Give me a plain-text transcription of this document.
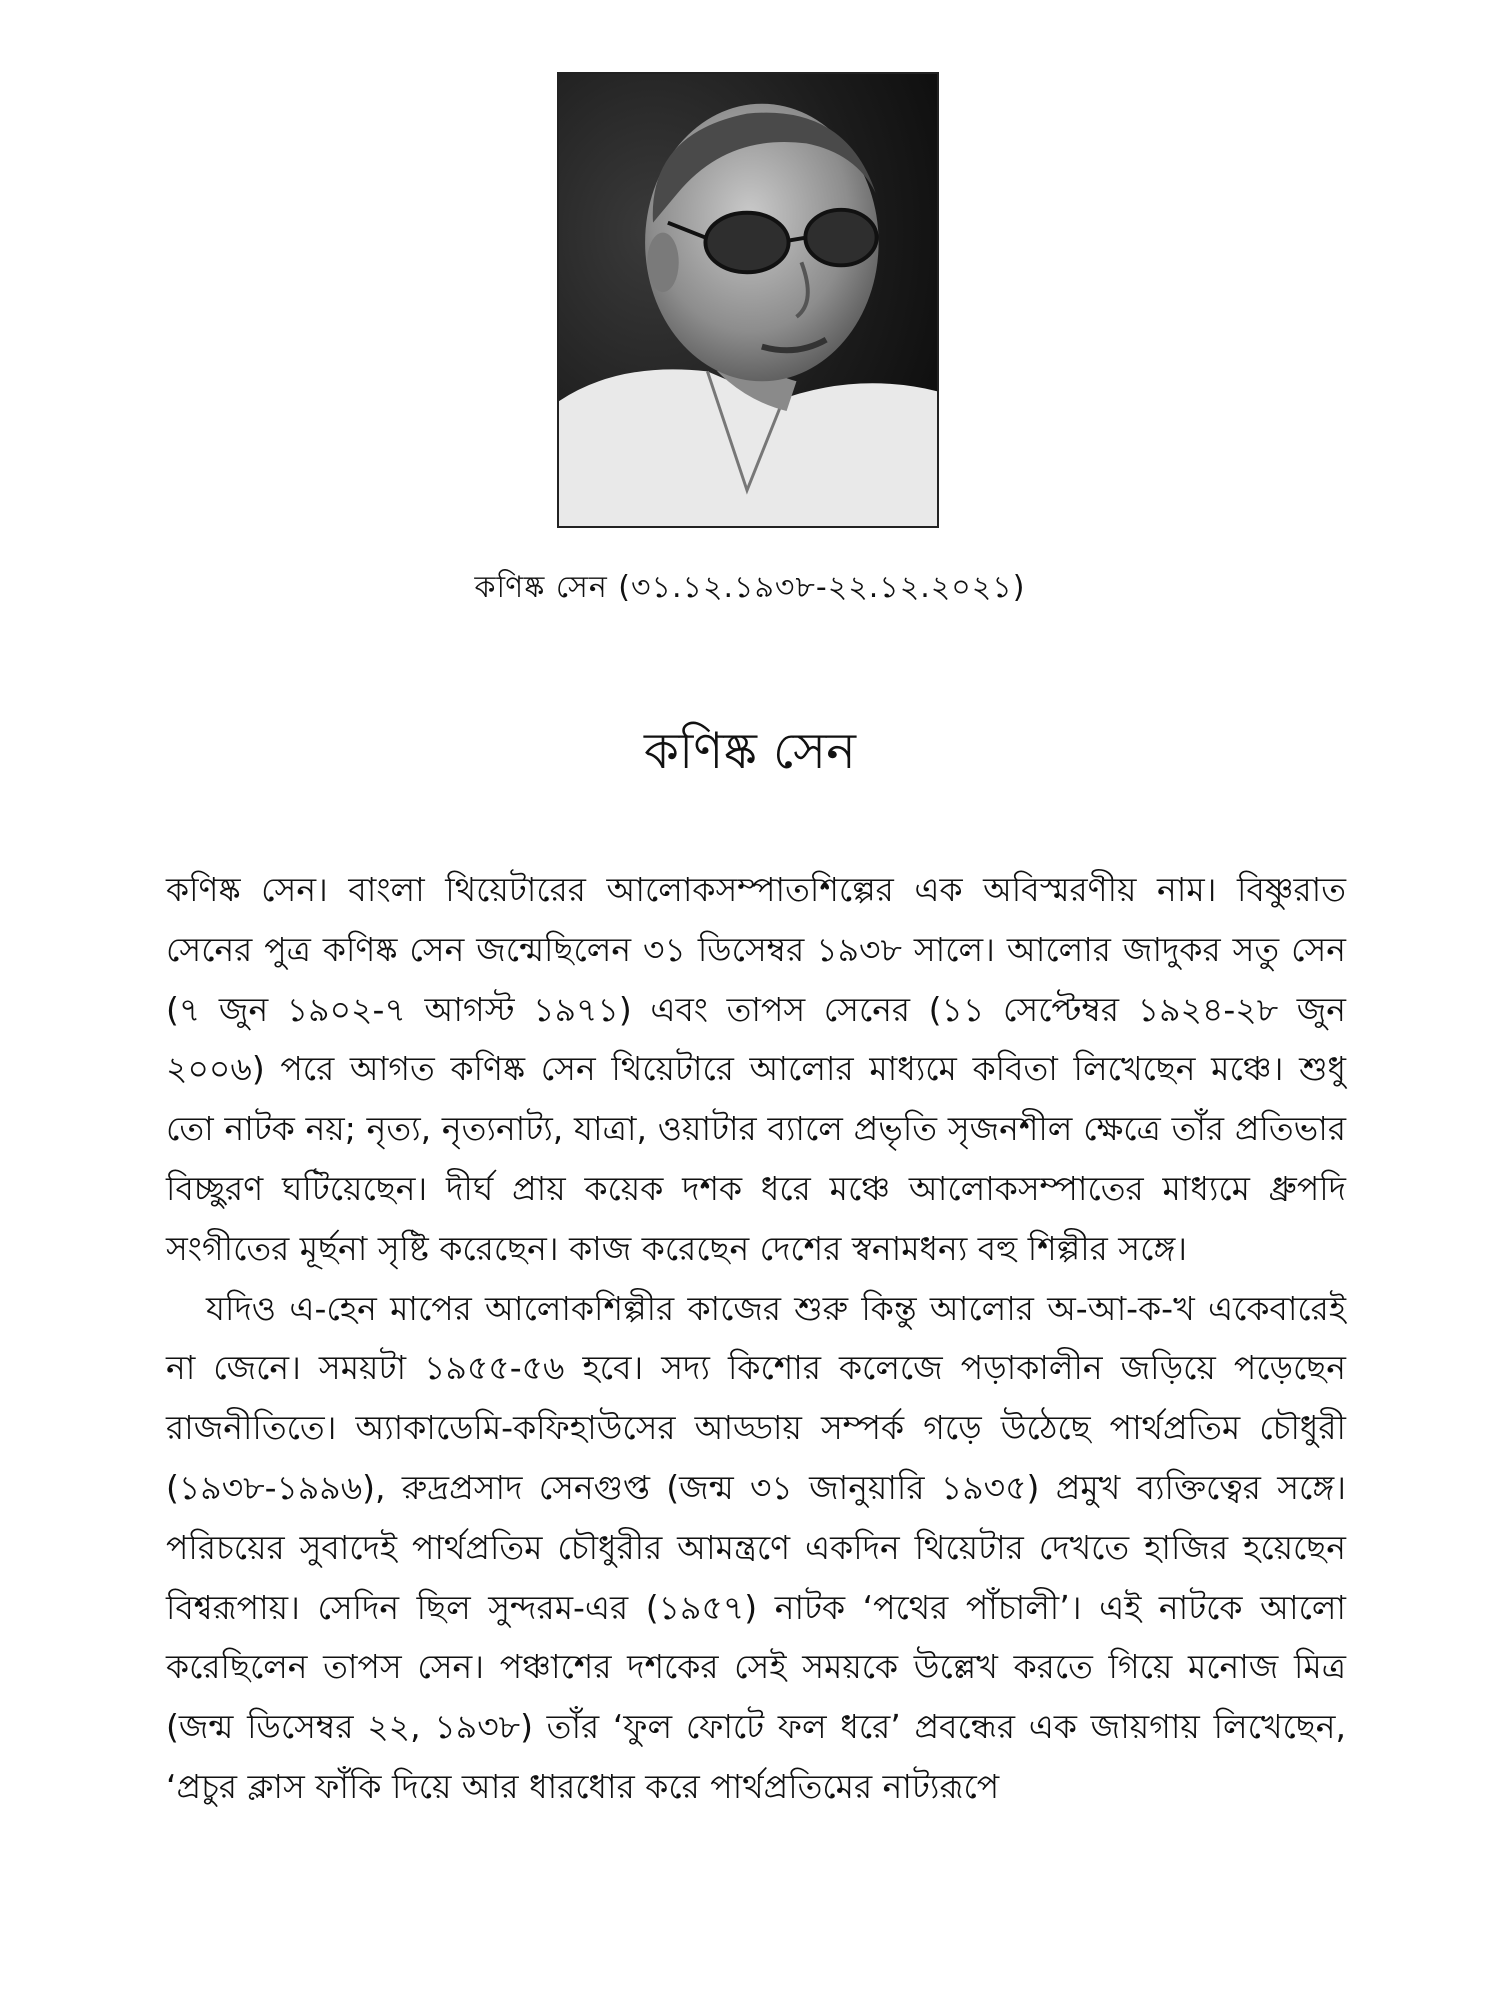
কণিষ্ক সেন (৩১.১২.১৯৩৮-২২.১২.২০২১)
কণিষ্ক সেন

কণিষ্ক সেন। বাংলা থিয়েটারের আলোকসম্পাতশিল্পের এক অবিস্মরণীয় নাম। বিষ্ণুরাত সেনের পুত্র কণিষ্ক সেন জন্মেছিলেন ৩১ ডিসেম্বর ১৯৩৮ সালে। আলোর জাদুকর সতু সেন (৭ জুন ১৯০২-৭ আগস্ট ১৯৭১) এবং তাপস সেনের (১১ সেপ্টেম্বর ১৯২৪-২৮ জুন ২০০৬) পরে আগত কণিষ্ক সেন থিয়েটারে আলোর মাধ্যমে কবিতা লিখেছেন মঞ্চে। শুধু তো নাটক নয়; নৃত্য, নৃত্যনাট্য, যাত্রা, ওয়াটার ব্যালে প্রভৃতি সৃজনশীল ক্ষেত্রে তাঁর প্রতিভার বিচ্ছুরণ ঘটিয়েছেন। দীর্ঘ প্রায় কয়েক দশক ধরে মঞ্চে আলোকসম্পাতের মাধ্যমে ধ্রুপদি সংগীতের মূর্ছনা সৃষ্টি করেছেন। কাজ করেছেন দেশের স্বনামধন্য বহু শিল্পীর সঙ্গে।

যদিও এ-হেন মাপের আলোকশিল্পীর কাজের শুরু কিন্তু আলোর অ-আ-ক-খ একেবারেই না জেনে। সময়টা ১৯৫৫-৫৬ হবে। সদ্য কিশোর কলেজে পড়াকালীন জড়িয়ে পড়েছেন রাজনীতিতে। অ্যাকাডেমি-কফিহাউসের আড্ডায় সম্পর্ক গড়ে উঠেছে পার্থপ্রতিম চৌধুরী (১৯৩৮-১৯৯৬), রুদ্রপ্রসাদ সেনগুপ্ত (জন্ম ৩১ জানুয়ারি ১৯৩৫) প্রমুখ ব্যক্তিত্বের সঙ্গে। পরিচয়ের সুবাদেই পার্থপ্রতিম চৌধুরীর আমন্ত্রণে একদিন থিয়েটার দেখতে হাজির হয়েছেন বিশ্বরূপায়। সেদিন ছিল সুন্দরম-এর (১৯৫৭) নাটক ‘পথের পাঁচালী’। এই নাটকে আলো করেছিলেন তাপস সেন। পঞ্চাশের দশকের সেই সময়কে উল্লেখ করতে গিয়ে মনোজ মিত্র (জন্ম ডিসেম্বর ২২, ১৯৩৮) তাঁর ‘ফুল ফোটে ফল ধরে’ প্রবন্ধের এক জায়গায় লিখেছেন, ‘প্রচুর ক্লাস ফাঁকি দিয়ে আর ধারধোর করে পার্থপ্রতিমের নাট্যরূপে
